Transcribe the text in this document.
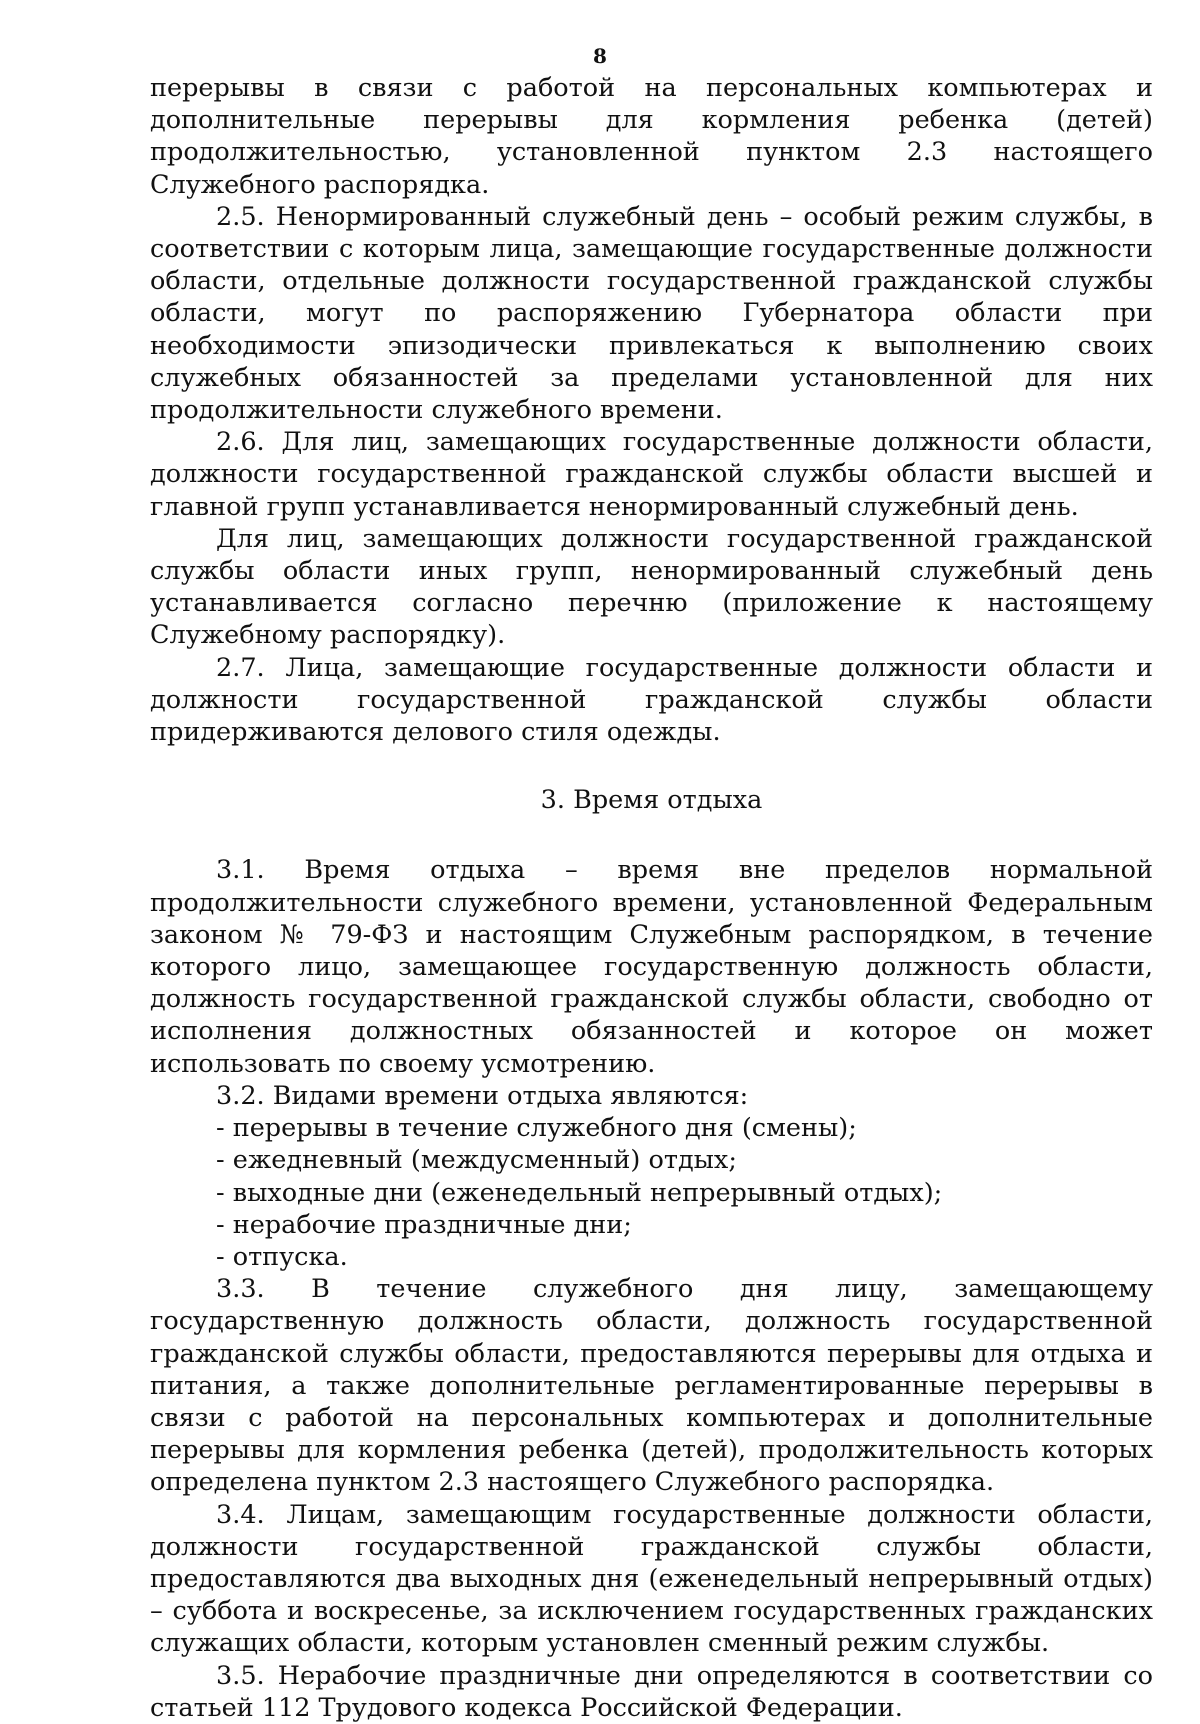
8

перерывы в связи с работой на персональных компьютерах и дополнительные перерывы для кормления ребенка (детей) продолжительностью, установленной пунктом 2.3 настоящего Служебного распорядка.

2.5. Ненормированный служебный день – особый режим службы, в соответствии с которым лица, замещающие государственные должности области, отдельные должности государственной гражданской службы области, могут по распоряжению Губернатора области при необходимости эпизодически привлекаться к выполнению своих служебных обязанностей за пределами установленной для них продолжительности служебного времени.

2.6. Для лиц, замещающих государственные должности области, должности государственной гражданской службы области высшей и главной групп устанавливается ненормированный служебный день.

Для лиц, замещающих должности государственной гражданской службы области иных групп, ненормированный служебный день устанавливается согласно перечню (приложение к настоящему Служебному распорядку).

2.7. Лица, замещающие государственные должности области и должности государственной гражданской службы области придерживаются делового стиля одежды.

3. Время отдыха

3.1. Время отдыха – время вне пределов нормальной продолжительности служебного времени, установленной Федеральным законом № 79-ФЗ и настоящим Служебным распорядком, в течение которого лицо, замещающее государственную должность области, должность государственной гражданской службы области, свободно от исполнения должностных обязанностей и которое он может использовать по своему усмотрению.

3.2. Видами времени отдыха являются:

- перерывы в течение служебного дня (смены);

- ежедневный (междусменный) отдых;

- выходные дни (еженедельный непрерывный отдых);

- нерабочие праздничные дни;

- отпуска.

3.3. В течение служебного дня лицу, замещающему государственную должность области, должность государственной гражданской службы области, предоставляются перерывы для отдыха и питания, а также дополнительные регламентированные перерывы в связи с работой на персональных компьютерах и дополнительные перерывы для кормления ребенка (детей), продолжительность которых определена пунктом 2.3 настоящего Служебного распорядка.

3.4. Лицам, замещающим государственные должности области, должности государственной гражданской службы области, предоставляются два выходных дня (еженедельный непрерывный отдых) – суббота и воскресенье, за исключением государственных гражданских служащих области, которым установлен сменный режим службы.

3.5. Нерабочие праздничные дни определяются в соответствии со статьей 112 Трудового кодекса Российской Федерации.
